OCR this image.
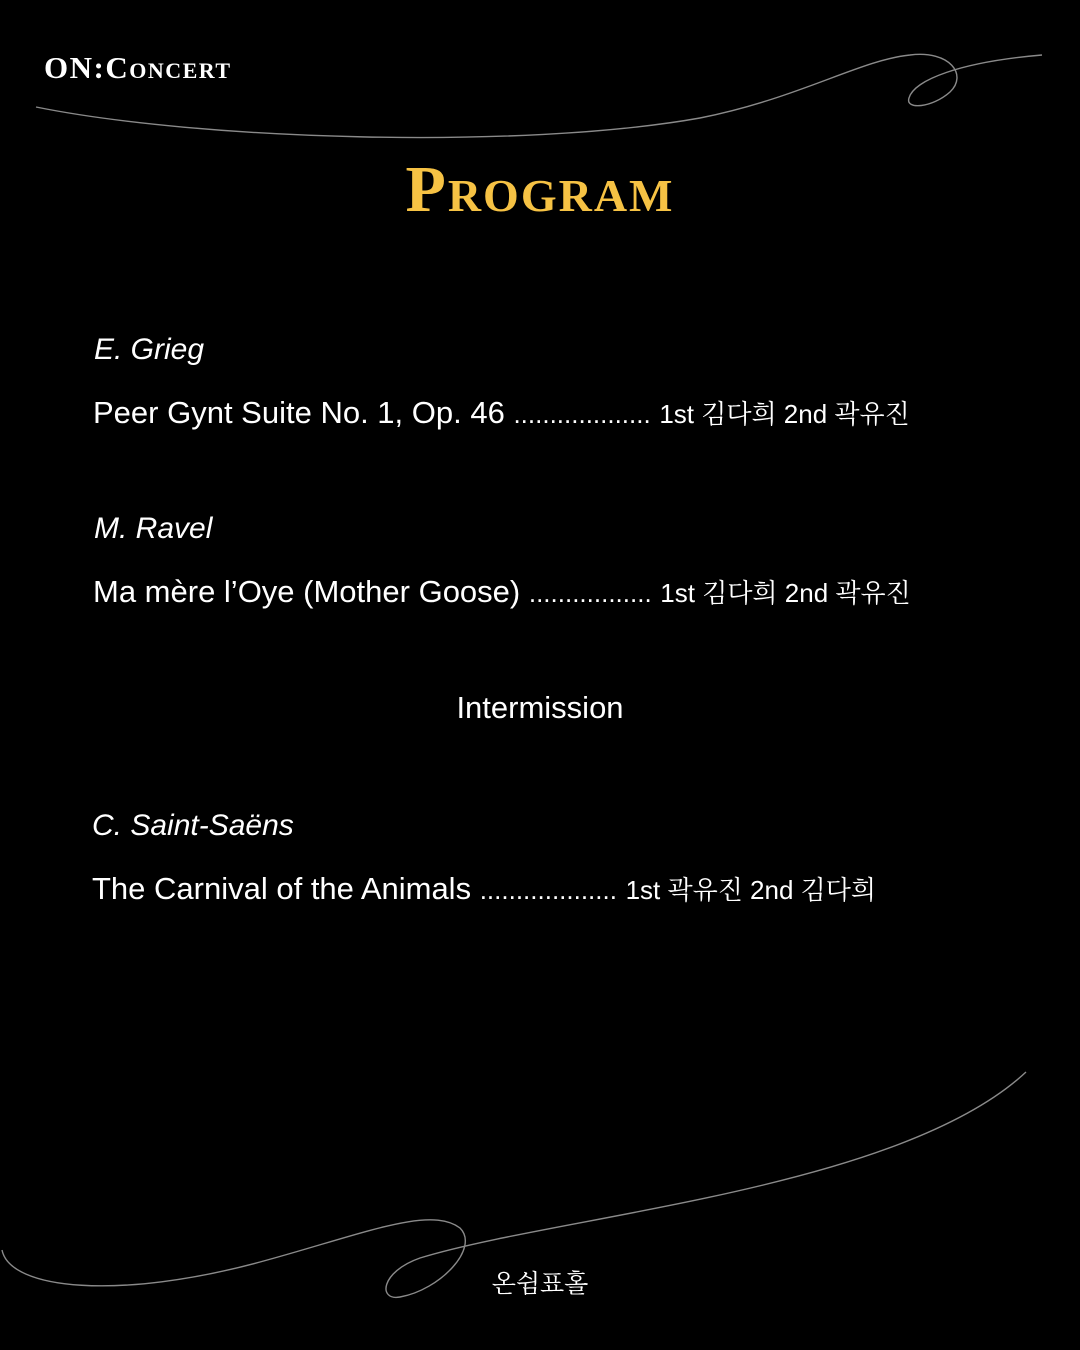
ON:Concert
Program
E. Grieg
Peer Gynt Suite No. 1, Op. 46 ................... 1st 김다희 2nd 곽유진
M. Ravel
Ma mère l’Oye (Mother Goose) ................. 1st 김다희 2nd 곽유진
Intermission
C. Saint-Saëns
The Carnival of the Animals ................... 1st 곽유진 2nd 김다희
온쉼표홀
